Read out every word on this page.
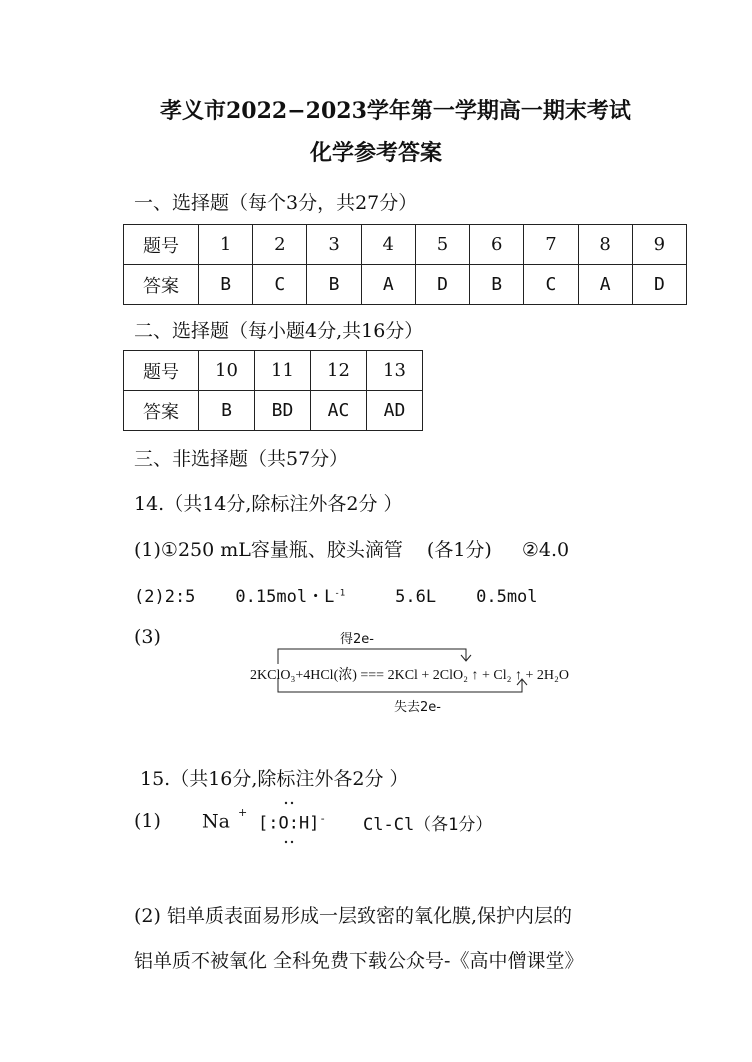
孝义市2022−2023学年第一学期高一期末考试
化学参考答案
一、选择题（每个3分，共27分）
题号	1	2	3	4	5	6	7	8	9
答案	B	C	B	A	D	B	C	A	D
二、选择题（每小题4分,共16分）
题号	10	11	12	13
答案	B	BD	AC	AD
三、非选择题（共57分）
14.（共14分,除标注外各2分 ）
(1)①250 mL容量瓶、胶头滴管 (各1分) ②4.0
(2)2:5 0.15mol・$L^{-1}$	5.6L 0.5mol
(3)	得2e-
2KClO₃+4HCl(浓) === 2KCl + 2ClO₂ ↑ + Cl₂ ↑ + 2H₂O
失去2e-
15.（共16分,除标注外各2分 ）
(1) Na +
[:O:H]- Cl-Cl（各1分）
(2) 铝单质表面易形成一层致密的氧化膜,保护内层的
铝单质不被氧化 全科免费下载公众号-《高中僧课堂》
